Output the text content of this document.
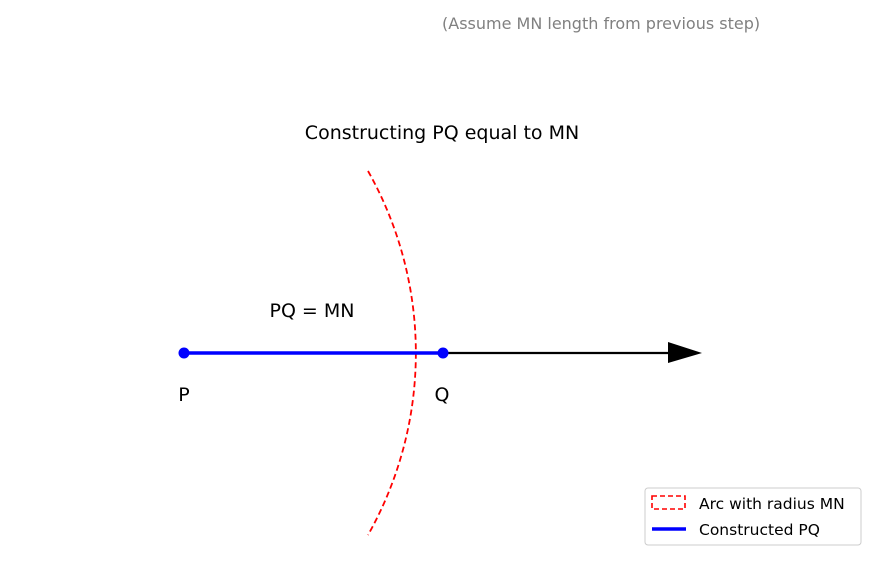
(Assume MN length from previous step)
Constructing PQ equal to MN
PQ = MN
P	Q
Arc with radius MN
Constructed PQ
